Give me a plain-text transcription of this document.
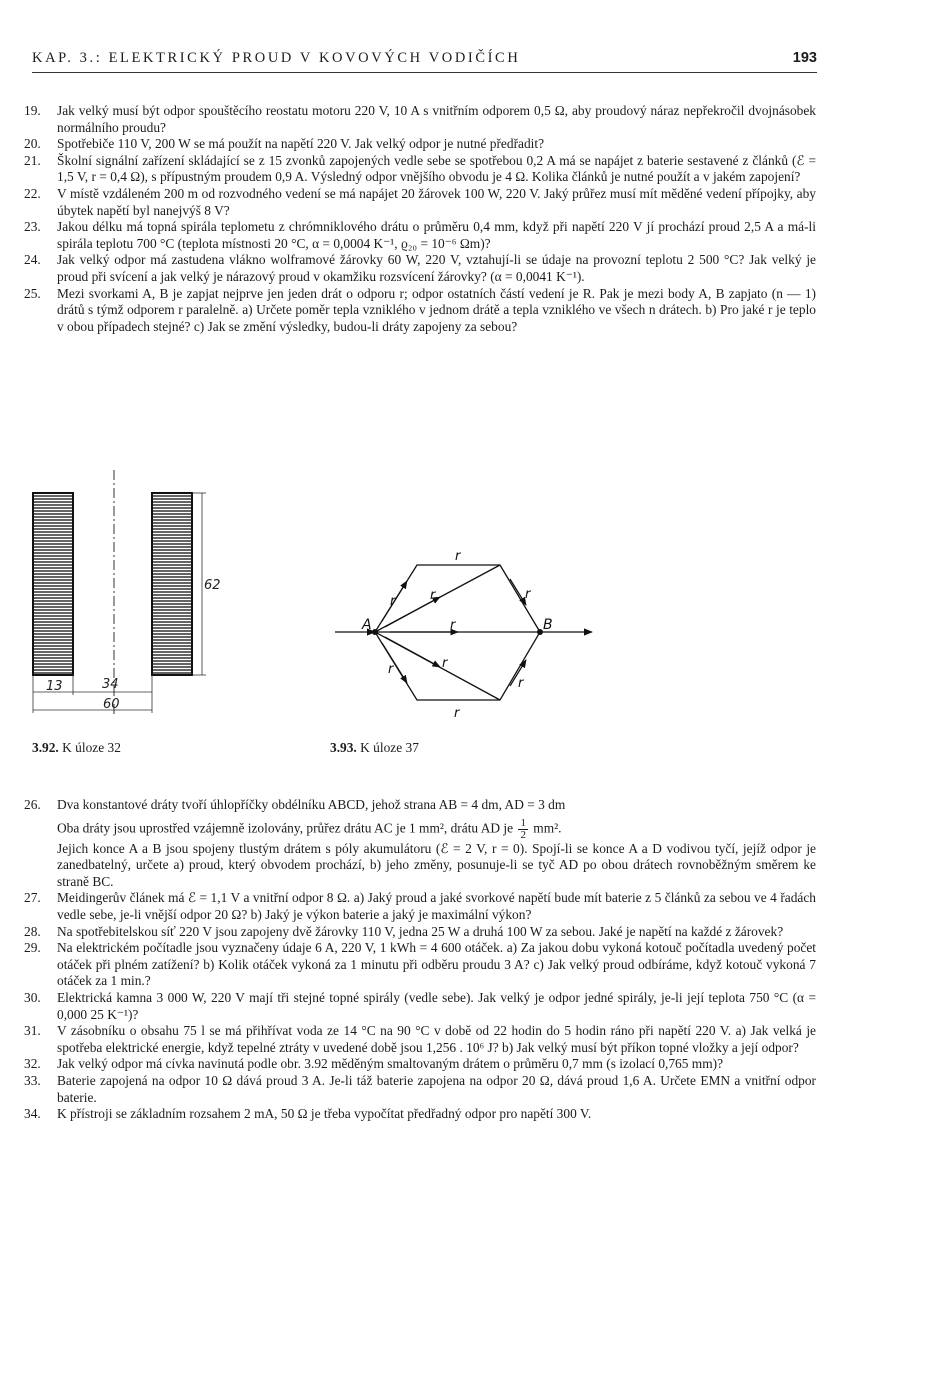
KAP. 3.: ELEKTRICKÝ PROUD V KOVOVÝCH VODIČÍCH	193
19. Jak velký musí být odpor spouštěcího reostatu motoru 220 V, 10 A s vnitřním odporem 0,5 Ω, aby proudový náraz nepřekročil dvojnásobek normálního proudu?
20. Spotřebiče 110 V, 200 W se má použít na napětí 220 V. Jak velký odpor je nutné předřadit?
21. Školní signální zařízení skládající se z 15 zvonků zapojených vedle sebe se spotřebou 0,2 A má se napájet z baterie sestavené z článků (ℰ = 1,5 V, r = 0,4 Ω), s přípustným proudem 0,9 A. Výsledný odpor vnějšího obvodu je 4 Ω. Kolika článků je nutné použít a v jakém zapojení?
22. V místě vzdáleném 200 m od rozvodného vedení se má napájet 20 žárovek 100 W, 220 V. Jaký průřez musí mít měděné vedení přípojky, aby úbytek napětí byl nanejvýš 8 V?
23. Jakou délku má topná spirála teplometu z chrómniklového drátu o průměru 0,4 mm, když při napětí 220 V jí prochází proud 2,5 A a má-li spirála teplotu 700 °C (teplota místnosti 20 °C, α = 0,0004 K⁻¹, ϱ₂₀ = 10⁻⁶ Ωm)?
24. Jak velký odpor má zastudena vlákno wolframové žárovky 60 W, 220 V, vztahují-li se údaje na provozní teplotu 2 500 °C? Jak velký je proud při svícení a jak velký je nárazový proud v okamžiku rozsvícení žárovky? (α = 0,0041 K⁻¹).
25. Mezi svorkami A, B je zapjat nejprve jen jeden drát o odporu r; odpor ostatních částí vedení je R. Pak je mezi body A, B zapjato (n — 1) drátů s týmž odporem r paralelně. a) Určete poměr tepla vzniklého v jednom drátě a tepla vzniklého ve všech n drátech. b) Pro jaké r je teplo v obou případech stejné? c) Jak se změní výsledky, budou-li dráty zapojeny za sebou?
62
13	34
60
3.92. K úloze 32
A	B
r
r	r	r
r
r
r
r
r
3.93. K úloze 37
26. Dva konstantové dráty tvoří úhlopříčky obdélníku ABCD, jehož strana AB = 4 dm, AD = 3 dm
Oba dráty jsou uprostřed vzájemně izolovány, průřez drátu AC je 1 mm², drátu AD je $\frac{1}{2} mm^2$.
Jejich konce A a B jsou spojeny tlustým drátem s póly akumulátoru (ℰ = 2 V, r = 0). Spojí-li se konce A a D vodivou tyčí, jejíž odpor je zanedbatelný, určete a) proud, který obvodem prochází, b) jeho změny, posunuje-li se tyč AD po obou drátech rovnoběžným směrem ke straně BC.
27. Meidingerův článek má ℰ = 1,1 V a vnitřní odpor 8 Ω. a) Jaký proud a jaké svorkové napětí bude mít baterie z 5 článků za sebou ve 4 řadách vedle sebe, je-li vnější odpor 20 Ω? b) Jaký je výkon baterie a jaký je maximální výkon?
28. Na spotřebitelskou síť 220 V jsou zapojeny dvě žárovky 110 V, jedna 25 W a druhá 100 W za sebou. Jaké je napětí na každé z žárovek?
29. Na elektrickém počítadle jsou vyznačeny údaje 6 A, 220 V, 1 kWh = 4 600 otáček. a) Za jakou dobu vykoná kotouč počítadla uvedený počet otáček při plném zatížení? b) Kolik otáček vykoná za 1 minutu při odběru proudu 3 A? c) Jak velký proud odbíráme, když kotouč vykoná 7 otáček za 1 min.?
30. Elektrická kamna 3 000 W, 220 V mají tři stejné topné spirály (vedle sebe). Jak velký je odpor jedné spirály, je-li její teplota 750 °C (α = 0,000 25 K⁻¹)?
31. V zásobníku o obsahu 75 l se má přihřívat voda ze 14 °C na 90 °C v době od 22 hodin do 5 hodin ráno při napětí 220 V. a) Jak velká je spotřeba elektrické energie, když tepelné ztráty v uvedené době jsou 1,256 . 10⁶ J? b) Jak velký musí být příkon topné vložky a její odpor?
32. Jak velký odpor má cívka navinutá podle obr. 3.92 měděným smaltovaným drátem o průměru 0,7 mm (s izolací 0,765 mm)?
33. Baterie zapojená na odpor 10 Ω dává proud 3 A. Je-li táž baterie zapojena na odpor 20 Ω, dává proud 1,6 A. Určete EMN a vnitřní odpor baterie.
34. K přístroji se základním rozsahem 2 mA, 50 Ω je třeba vypočítat předřadný odpor pro napětí 300 V.
